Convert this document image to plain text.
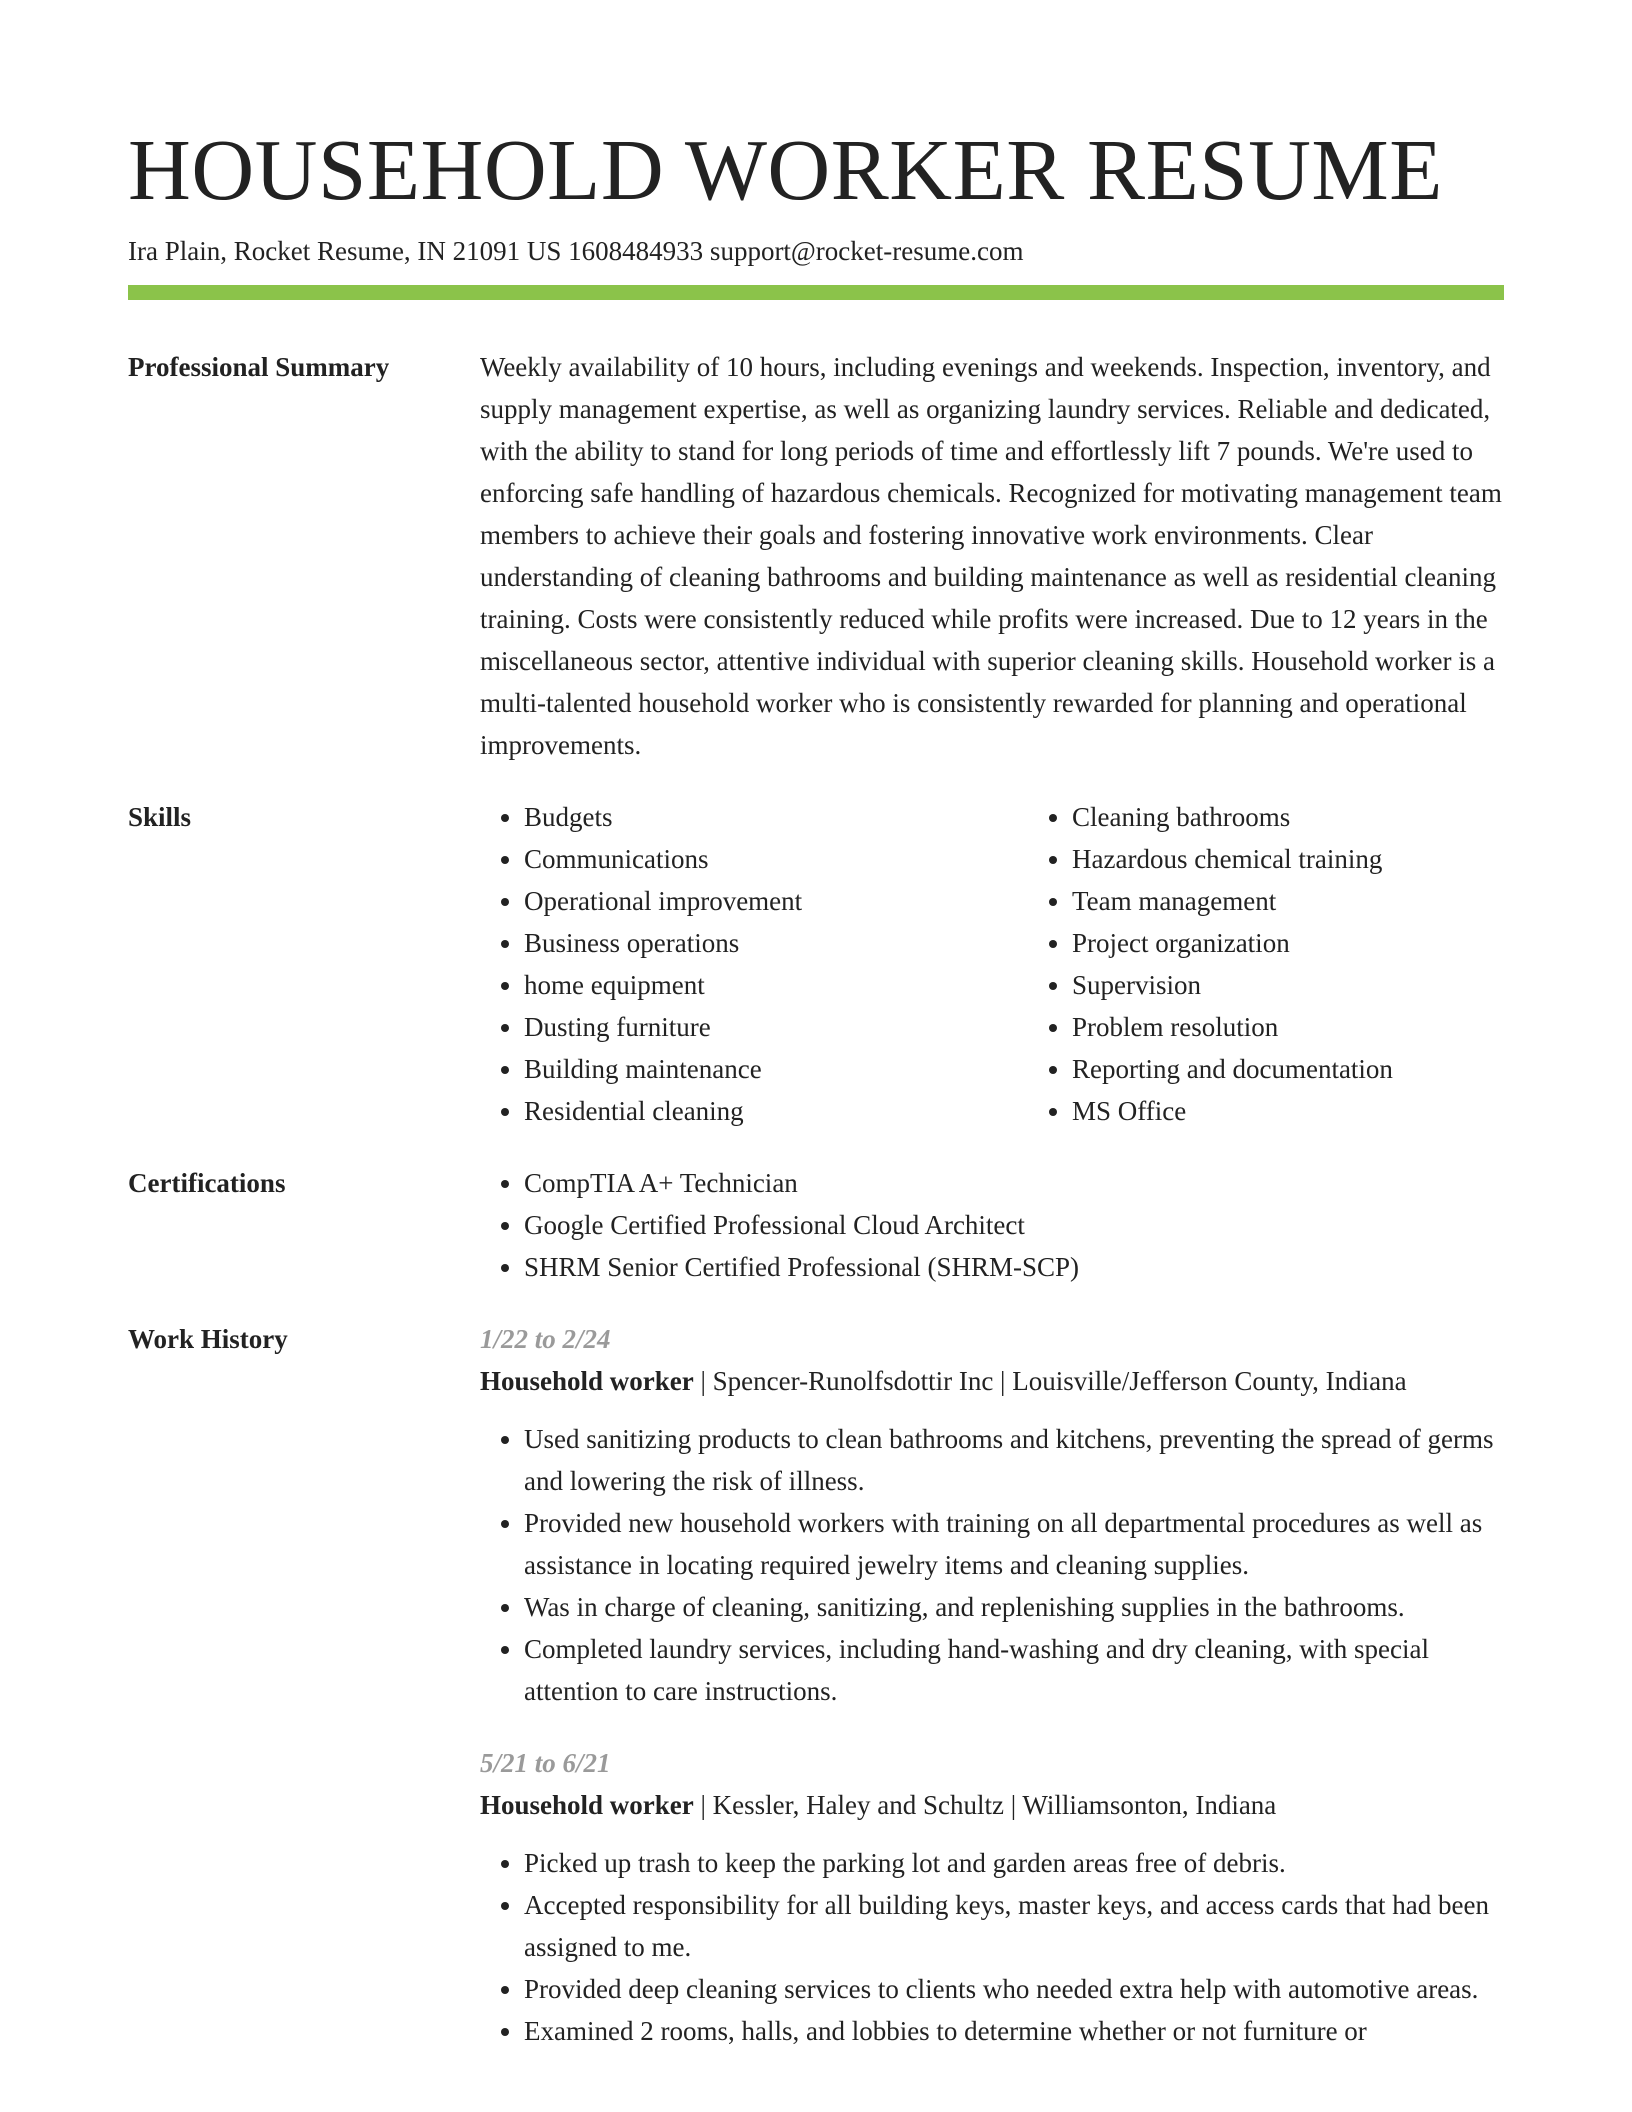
HOUSEHOLD WORKER RESUME
Ira Plain, Rocket Resume, IN 21091 US 1608484933 support@rocket-resume.com
Professional Summary	Weekly availability of 10 hours, including evenings and weekends. Inspection, inventory, and supply management expertise, as well as organizing laundry services. Reliable and dedicated, with the ability to stand for long periods of time and effortlessly lift 7 pounds. We're used to enforcing safe handling of hazardous chemicals. Recognized for motivating management team members to achieve their goals and fostering innovative work environments. Clear understanding of cleaning bathrooms and building maintenance as well as residential cleaning training. Costs were consistently reduced while profits were increased. Due to 12 years in the miscellaneous sector, attentive individual with superior cleaning skills. Household worker is a multi-talented household worker who is consistently rewarded for planning and operational improvements.

Skills	• Budgets
• Communications
• Operational improvement
• Business operations
• home equipment
• Dusting furniture
• Building maintenance
• Residential cleaning
• Cleaning bathrooms
• Hazardous chemical training
• Team management
• Project organization
• Supervision
• Problem resolution
• Reporting and documentation
• MS Office
Certifications	• CompTIA A+ Technician
• Google Certified Professional Cloud Architect
• SHRM Senior Certified Professional (SHRM-SCP)
Work History	1/22 to 2/24
Household worker | Spencer-Runolfsdottir Inc | Louisville/Jefferson County, Indiana
• Used sanitizing products to clean bathrooms and kitchens, preventing the spread of germs and lowering the risk of illness.
• Provided new household workers with training on all departmental procedures as well as assistance in locating required jewelry items and cleaning supplies.
• Was in charge of cleaning, sanitizing, and replenishing supplies in the bathrooms.
• Completed laundry services, including hand-washing and dry cleaning, with special attention to care instructions.
5/21 to 6/21
Household worker | Kessler, Haley and Schultz | Williamsonton, Indiana
• Picked up trash to keep the parking lot and garden areas free of debris.
• Accepted responsibility for all building keys, master keys, and access cards that had been assigned to me.
• Provided deep cleaning services to clients who needed extra help with automotive areas.
• Examined 2 rooms, halls, and lobbies to determine whether or not furniture or
